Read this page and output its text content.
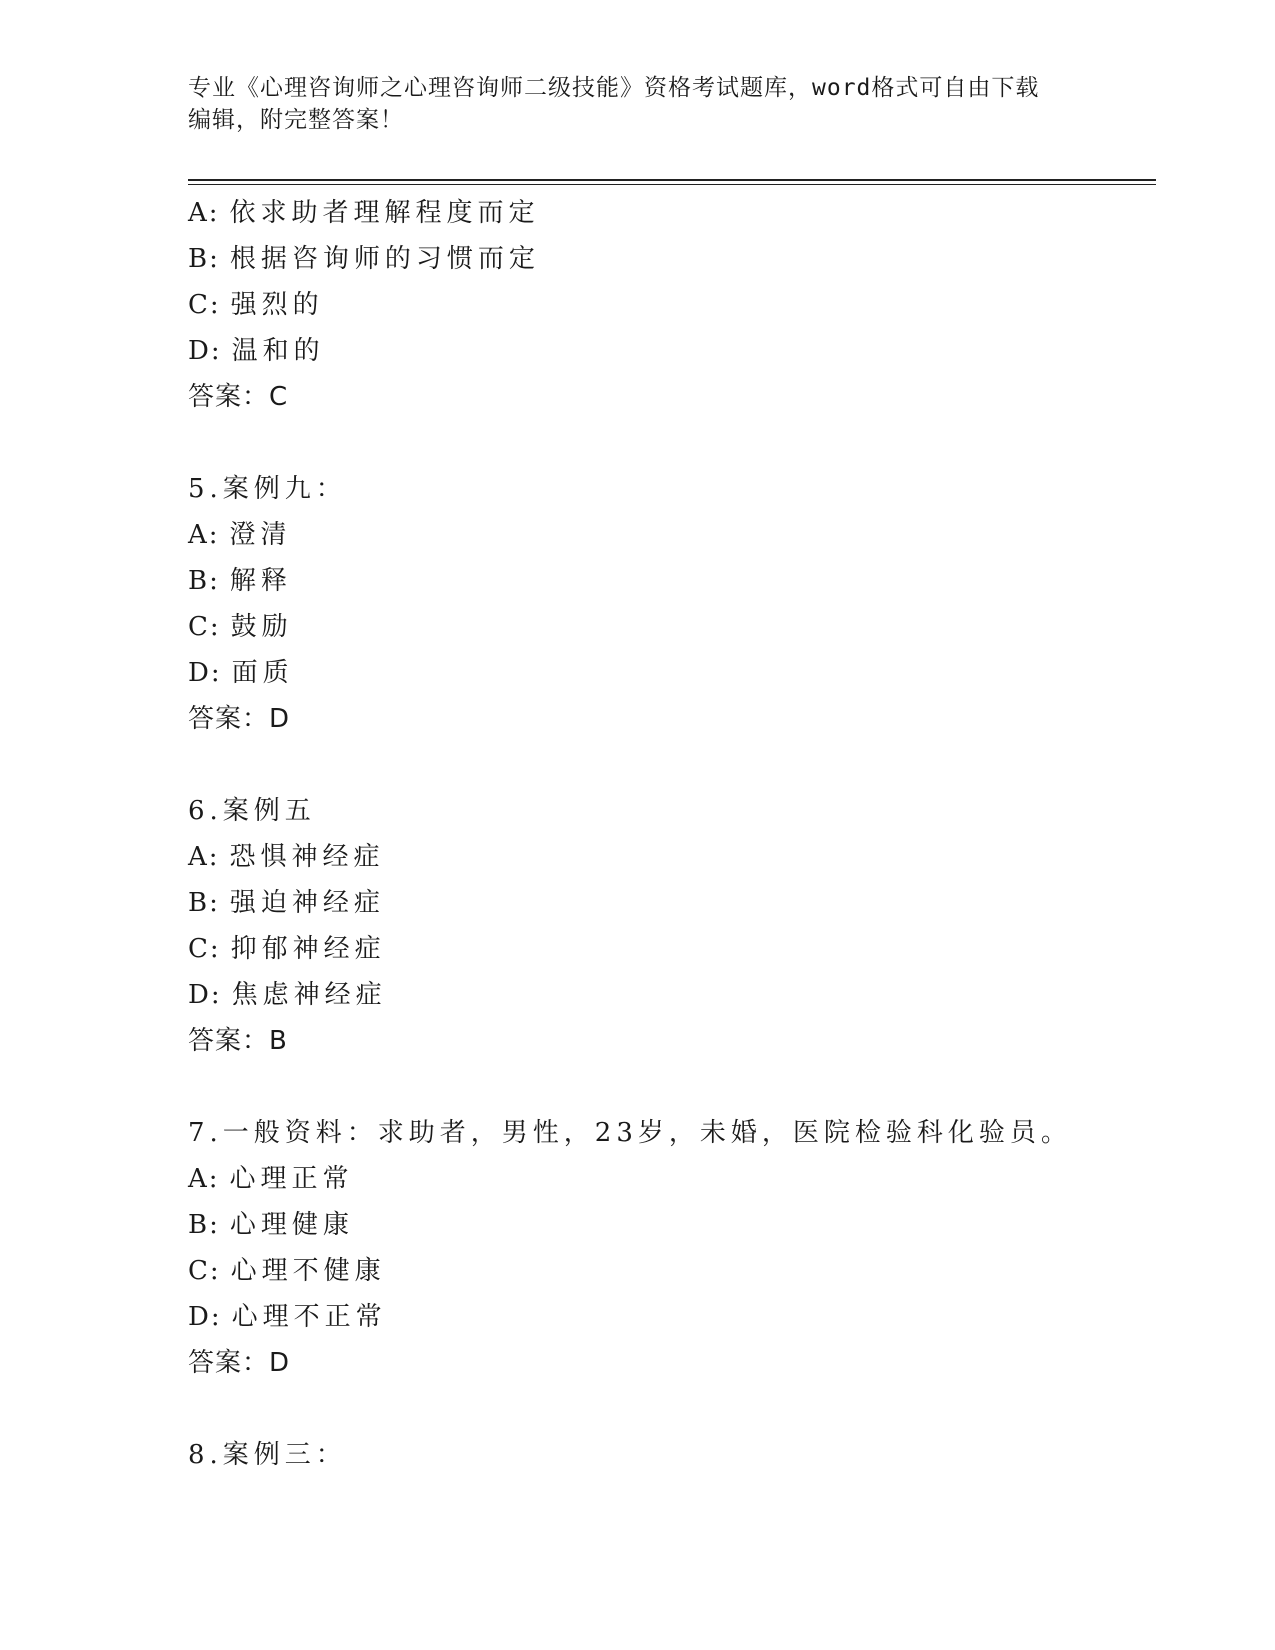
专业《心理咨询师之心理咨询师二级技能》资格考试题库，word格式可自由下载
编辑，附完整答案！
A: 依求助者理解程度而定
B: 根据咨询师的习惯而定
C: 强烈的
D: 温和的
答案：C
5.案例九：
A: 澄清
B: 解释
C: 鼓励
D: 面质
答案：D
6.案例五
A: 恐惧神经症
B: 强迫神经症
C: 抑郁神经症
D: 焦虑神经症
答案：B
7.一般资料：求助者，男性，23岁，未婚，医院检验科化验员。
A: 心理正常
B: 心理健康
C: 心理不健康
D: 心理不正常
答案：D
8.案例三：
